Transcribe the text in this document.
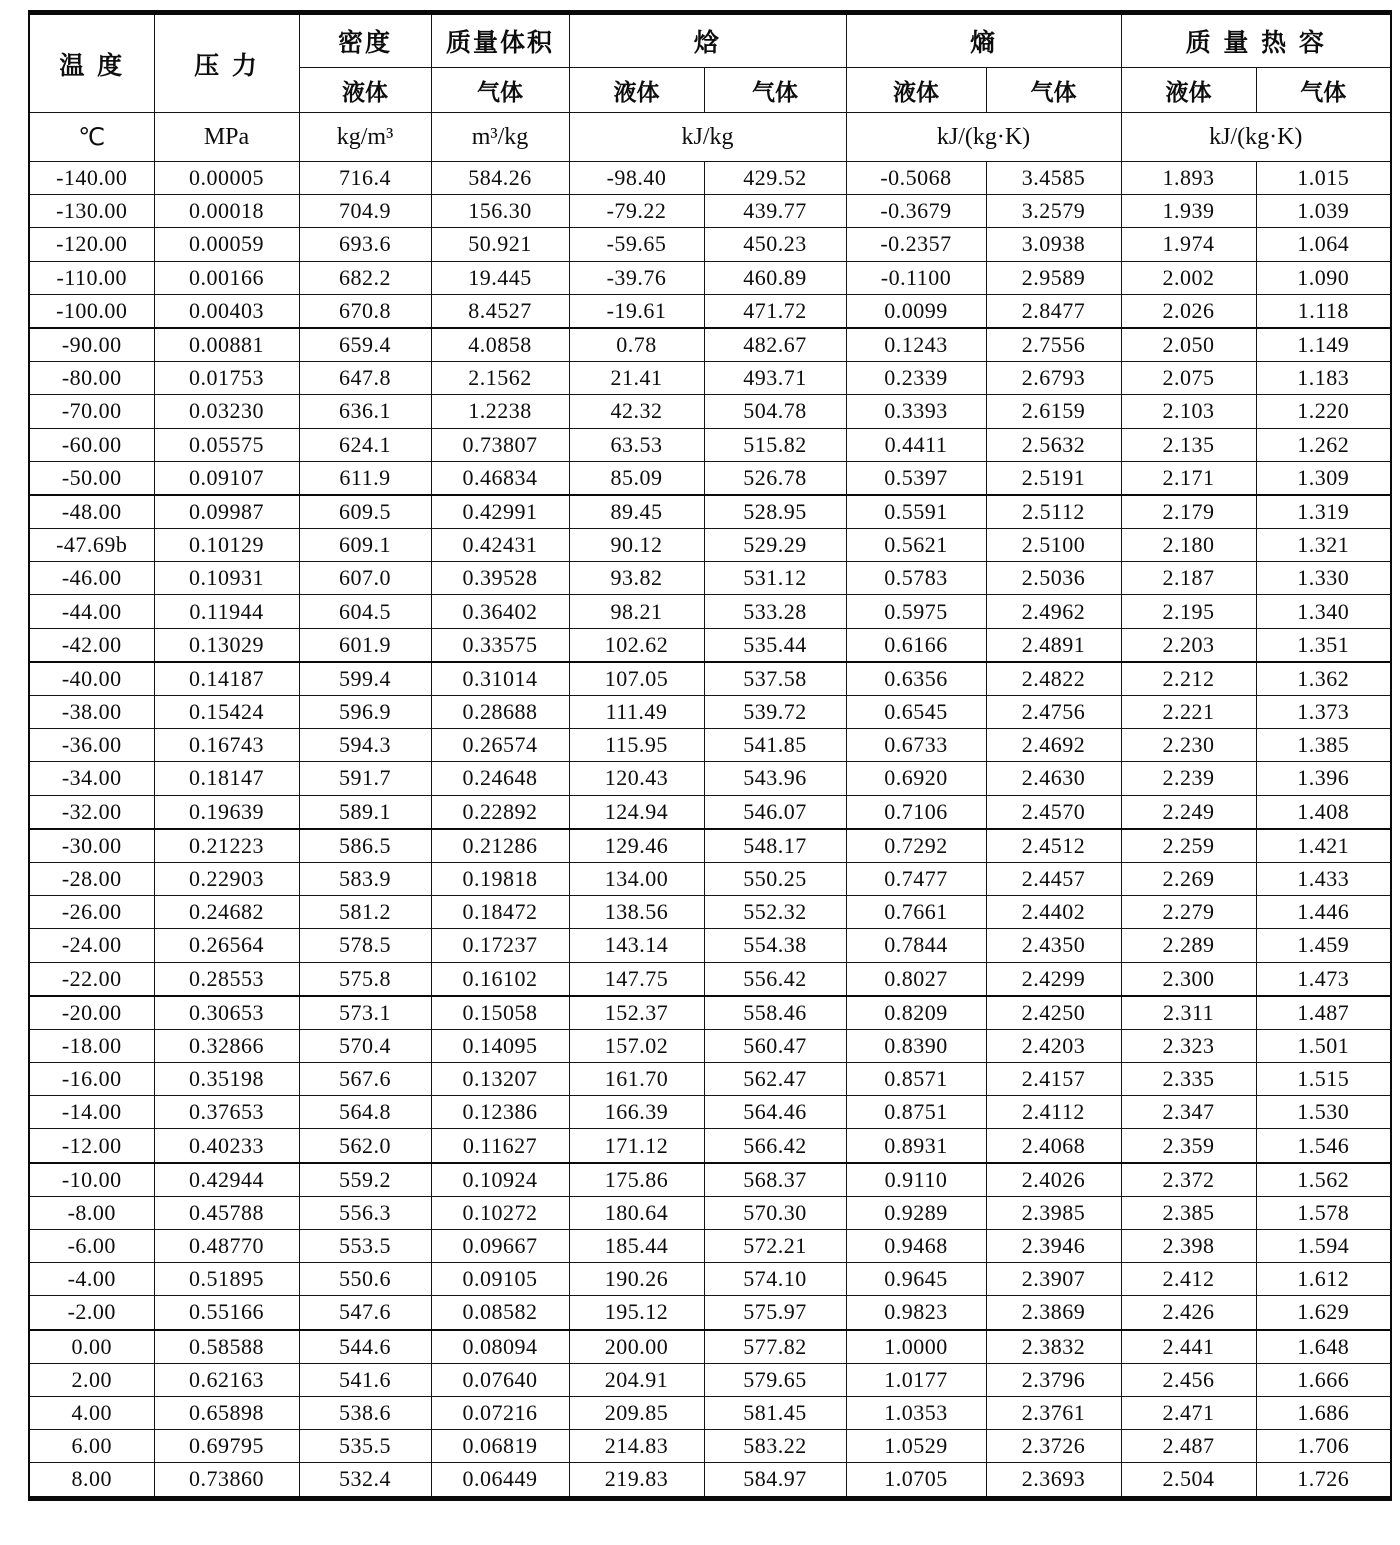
温 度	压 力	密度	质量体积	焓		熵		质 量 热 容	
		液体	气体	液体	气体	液体	气体	液体	气体
℃	MPa	kg/m³	m³/kg	kJ/kg		kJ/(kg·K)		kJ/(kg·K)	
-140.00	0.00005	716.4	584.26	-98.40	429.52	-0.5068	3.4585	1.893	1.015
-130.00	0.00018	704.9	156.30	-79.22	439.77	-0.3679	3.2579	1.939	1.039
-120.00	0.00059	693.6	50.921	-59.65	450.23	-0.2357	3.0938	1.974	1.064
-110.00	0.00166	682.2	19.445	-39.76	460.89	-0.1100	2.9589	2.002	1.090
-100.00	0.00403	670.8	8.4527	-19.61	471.72	0.0099	2.8477	2.026	1.118
-90.00	0.00881	659.4	4.0858	0.78	482.67	0.1243	2.7556	2.050	1.149
-80.00	0.01753	647.8	2.1562	21.41	493.71	0.2339	2.6793	2.075	1.183
-70.00	0.03230	636.1	1.2238	42.32	504.78	0.3393	2.6159	2.103	1.220
-60.00	0.05575	624.1	0.73807	63.53	515.82	0.4411	2.5632	2.135	1.262
-50.00	0.09107	611.9	0.46834	85.09	526.78	0.5397	2.5191	2.171	1.309
-48.00	0.09987	609.5	0.42991	89.45	528.95	0.5591	2.5112	2.179	1.319
-47.69b	0.10129	609.1	0.42431	90.12	529.29	0.5621	2.5100	2.180	1.321
-46.00	0.10931	607.0	0.39528	93.82	531.12	0.5783	2.5036	2.187	1.330
-44.00	0.11944	604.5	0.36402	98.21	533.28	0.5975	2.4962	2.195	1.340
-42.00	0.13029	601.9	0.33575	102.62	535.44	0.6166	2.4891	2.203	1.351
-40.00	0.14187	599.4	0.31014	107.05	537.58	0.6356	2.4822	2.212	1.362
-38.00	0.15424	596.9	0.28688	111.49	539.72	0.6545	2.4756	2.221	1.373
-36.00	0.16743	594.3	0.26574	115.95	541.85	0.6733	2.4692	2.230	1.385
-34.00	0.18147	591.7	0.24648	120.43	543.96	0.6920	2.4630	2.239	1.396
-32.00	0.19639	589.1	0.22892	124.94	546.07	0.7106	2.4570	2.249	1.408
-30.00	0.21223	586.5	0.21286	129.46	548.17	0.7292	2.4512	2.259	1.421
-28.00	0.22903	583.9	0.19818	134.00	550.25	0.7477	2.4457	2.269	1.433
-26.00	0.24682	581.2	0.18472	138.56	552.32	0.7661	2.4402	2.279	1.446
-24.00	0.26564	578.5	0.17237	143.14	554.38	0.7844	2.4350	2.289	1.459
-22.00	0.28553	575.8	0.16102	147.75	556.42	0.8027	2.4299	2.300	1.473
-20.00	0.30653	573.1	0.15058	152.37	558.46	0.8209	2.4250	2.311	1.487
-18.00	0.32866	570.4	0.14095	157.02	560.47	0.8390	2.4203	2.323	1.501
-16.00	0.35198	567.6	0.13207	161.70	562.47	0.8571	2.4157	2.335	1.515
-14.00	0.37653	564.8	0.12386	166.39	564.46	0.8751	2.4112	2.347	1.530
-12.00	0.40233	562.0	0.11627	171.12	566.42	0.8931	2.4068	2.359	1.546
-10.00	0.42944	559.2	0.10924	175.86	568.37	0.9110	2.4026	2.372	1.562
-8.00	0.45788	556.3	0.10272	180.64	570.30	0.9289	2.3985	2.385	1.578
-6.00	0.48770	553.5	0.09667	185.44	572.21	0.9468	2.3946	2.398	1.594
-4.00	0.51895	550.6	0.09105	190.26	574.10	0.9645	2.3907	2.412	1.612
-2.00	0.55166	547.6	0.08582	195.12	575.97	0.9823	2.3869	2.426	1.629
0.00	0.58588	544.6	0.08094	200.00	577.82	1.0000	2.3832	2.441	1.648
2.00	0.62163	541.6	0.07640	204.91	579.65	1.0177	2.3796	2.456	1.666
4.00	0.65898	538.6	0.07216	209.85	581.45	1.0353	2.3761	2.471	1.686
6.00	0.69795	535.5	0.06819	214.83	583.22	1.0529	2.3726	2.487	1.706
8.00	0.73860	532.4	0.06449	219.83	584.97	1.0705	2.3693	2.504	1.726
